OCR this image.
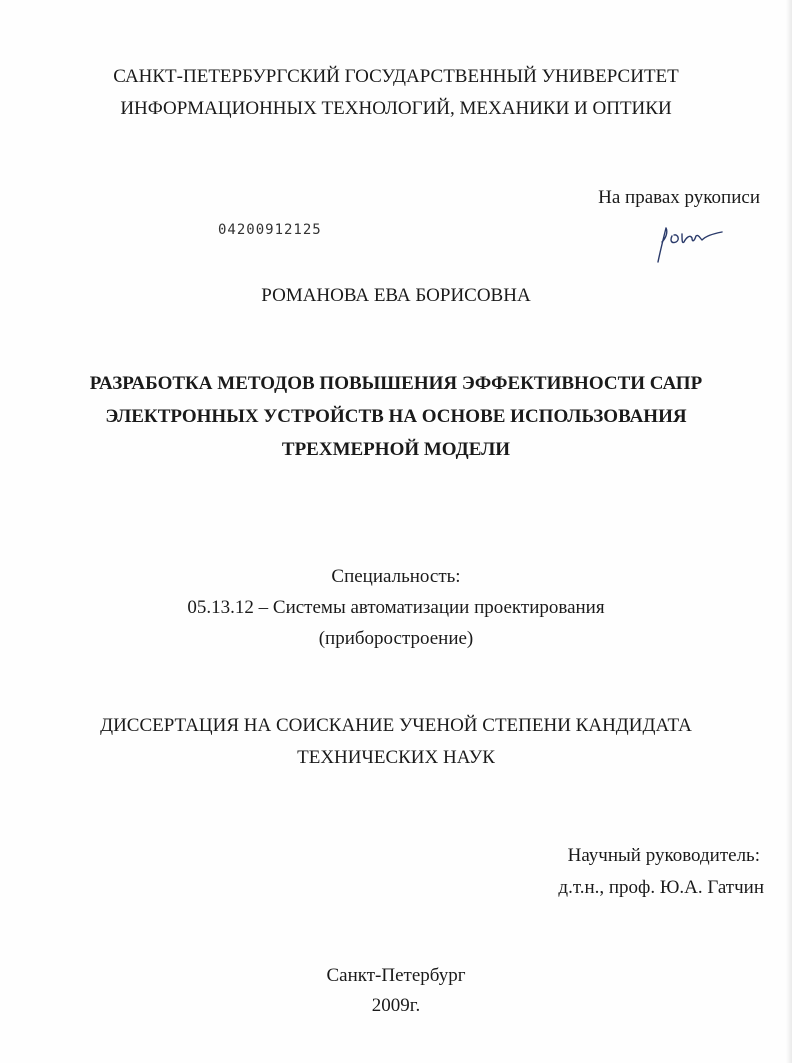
САНКТ-ПЕТЕРБУРГСКИЙ ГОСУДАРСТВЕННЫЙ УНИВЕРСИТЕТ
ИНФОРМАЦИОННЫХ ТЕХНОЛОГИЙ, МЕХАНИКИ И ОПТИКИ
На правах рукописи
04200912125
РОМАНОВА ЕВА БОРИСОВНА
РАЗРАБОТКА МЕТОДОВ ПОВЫШЕНИЯ ЭФФЕКТИВНОСТИ САПР
ЭЛЕКТРОННЫХ УСТРОЙСТВ НА ОСНОВЕ ИСПОЛЬЗОВАНИЯ
ТРЕХМЕРНОЙ МОДЕЛИ
Специальность:
05.13.12 – Системы автоматизации проектирования
(приборостроение)
ДИССЕРТАЦИЯ НА СОИСКАНИЕ УЧЕНОЙ СТЕПЕНИ КАНДИДАТА
ТЕХНИЧЕСКИХ НАУК
Научный руководитель:
д.т.н., проф. Ю.А. Гатчин
Санкт-Петербург
2009г.
